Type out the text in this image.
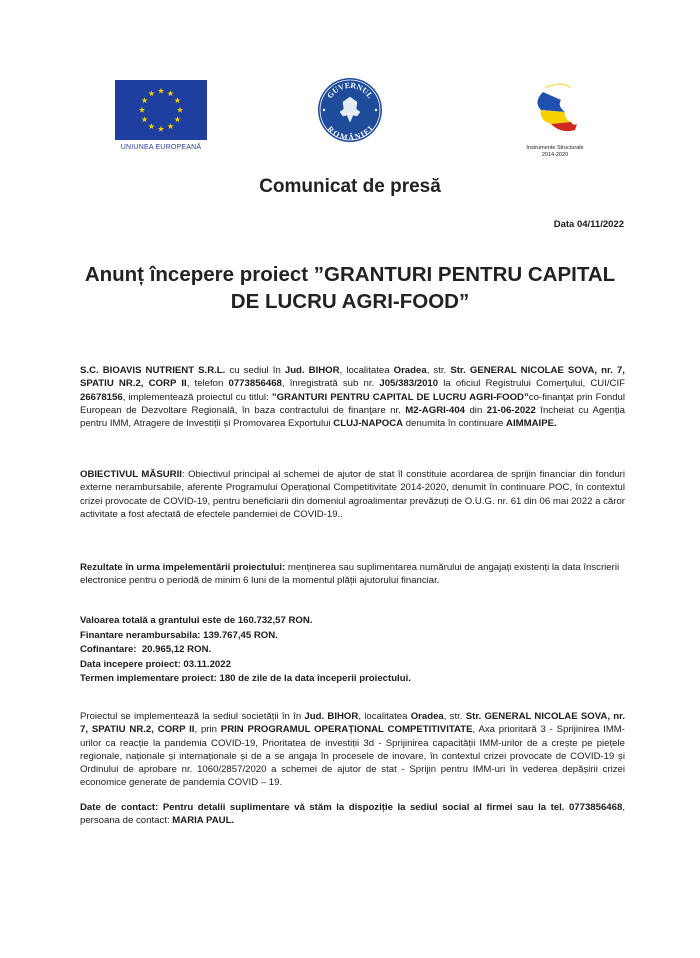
UNIUNEA EUROPEANĂ
GUVERNUL
ROMÂNIEI
Instrumente Structurale
2014-2020
Comunicat de presă
Data 04/11/2022
Anunț începere proiect ”GRANTURI PENTRU CAPITAL
DE LUCRU AGRI-FOOD”
S.C. BIOAVIS NUTRIENT S.R.L. cu sediul în Jud. BIHOR, localitatea Oradea, str. Str. GENERAL NICOLAE SOVA, nr. 7, SPATIU NR.2, CORP II, telefon 0773856468, înregistrată sub nr. J05/383/2010 la oficiul Registrului Comerţului, CUI/CIF 26678156, implementează proiectul cu titlul: ”GRANTURI PENTRU CAPITAL DE LUCRU AGRI-FOOD”co-finanţat prin Fondul European de Dezvoltare Regională, în baza contractului de finanţare nr. M2-AGRI-404 din 21-06-2022 încheiat cu Agenția pentru IMM, Atragere de Investiții și Promovarea Exportului CLUJ-NAPOCA denumita în continuare AIMMAIPE.
OBIECTIVUL MĂSURII: Obiectivul principal al schemei de ajutor de stat îl constituie acordarea de sprijin financiar din fonduri externe nerambursabile, aferente Programului Operațional Competitivitate 2014-2020, denumit în continuare POC, în contextul crizei provocate de COVID-19, pentru beneficiarii din domeniul agroalimentar prevăzuți de O.U.G. nr. 61 din 06 mai 2022 a căror activitate a fost afectată de efectele pandemiei de COVID-19..
Rezultate în urma impelementării proiectului: menținerea sau suplimentarea numărului de angajați existenți la data înscrierii electronice pentru o periodă de minim 6 luni de la momentul plății ajutorului financiar.
Valoarea totală a grantului este de 160.732,57 RON.
Finantare nerambursabila: 139.767,45 RON.
Cofinantare:  20.965,12 RON.
Data incepere proiect: 03.11.2022
Termen implementare proiect: 180 de zile de la data începerii proiectului.
Proiectul se implementează la sediul societății în în Jud. BIHOR, localitatea Oradea, str. Str. GENERAL NICOLAE SOVA, nr. 7, SPATIU NR.2, CORP II, prin PRIN PROGRAMUL OPERAȚIONAL COMPETITIVITATE, Axa prioritară 3 - Sprijinirea IMM-urilor ca reacție la pandemia COVID-19, Prioritatea de investiții 3d - Sprijinirea capacității IMM-urilor de a crește pe piețele regionale, naționale și internaționale și de a se angaja în procesele de inovare, în contextul crizei provocate de COVID-19 și Ordinului de aprobare nr. 1060/2857/2020 a schemei de ajutor de stat - Sprijin pentru IMM-uri în vederea depășirii crizei economice generate de pandemia COVID – 19.
Date de contact: Pentru detalii suplimentare vă stăm la dispoziție la sediul social al firmei sau la tel. 0773856468, persoana de contact: MARIA PAUL.
